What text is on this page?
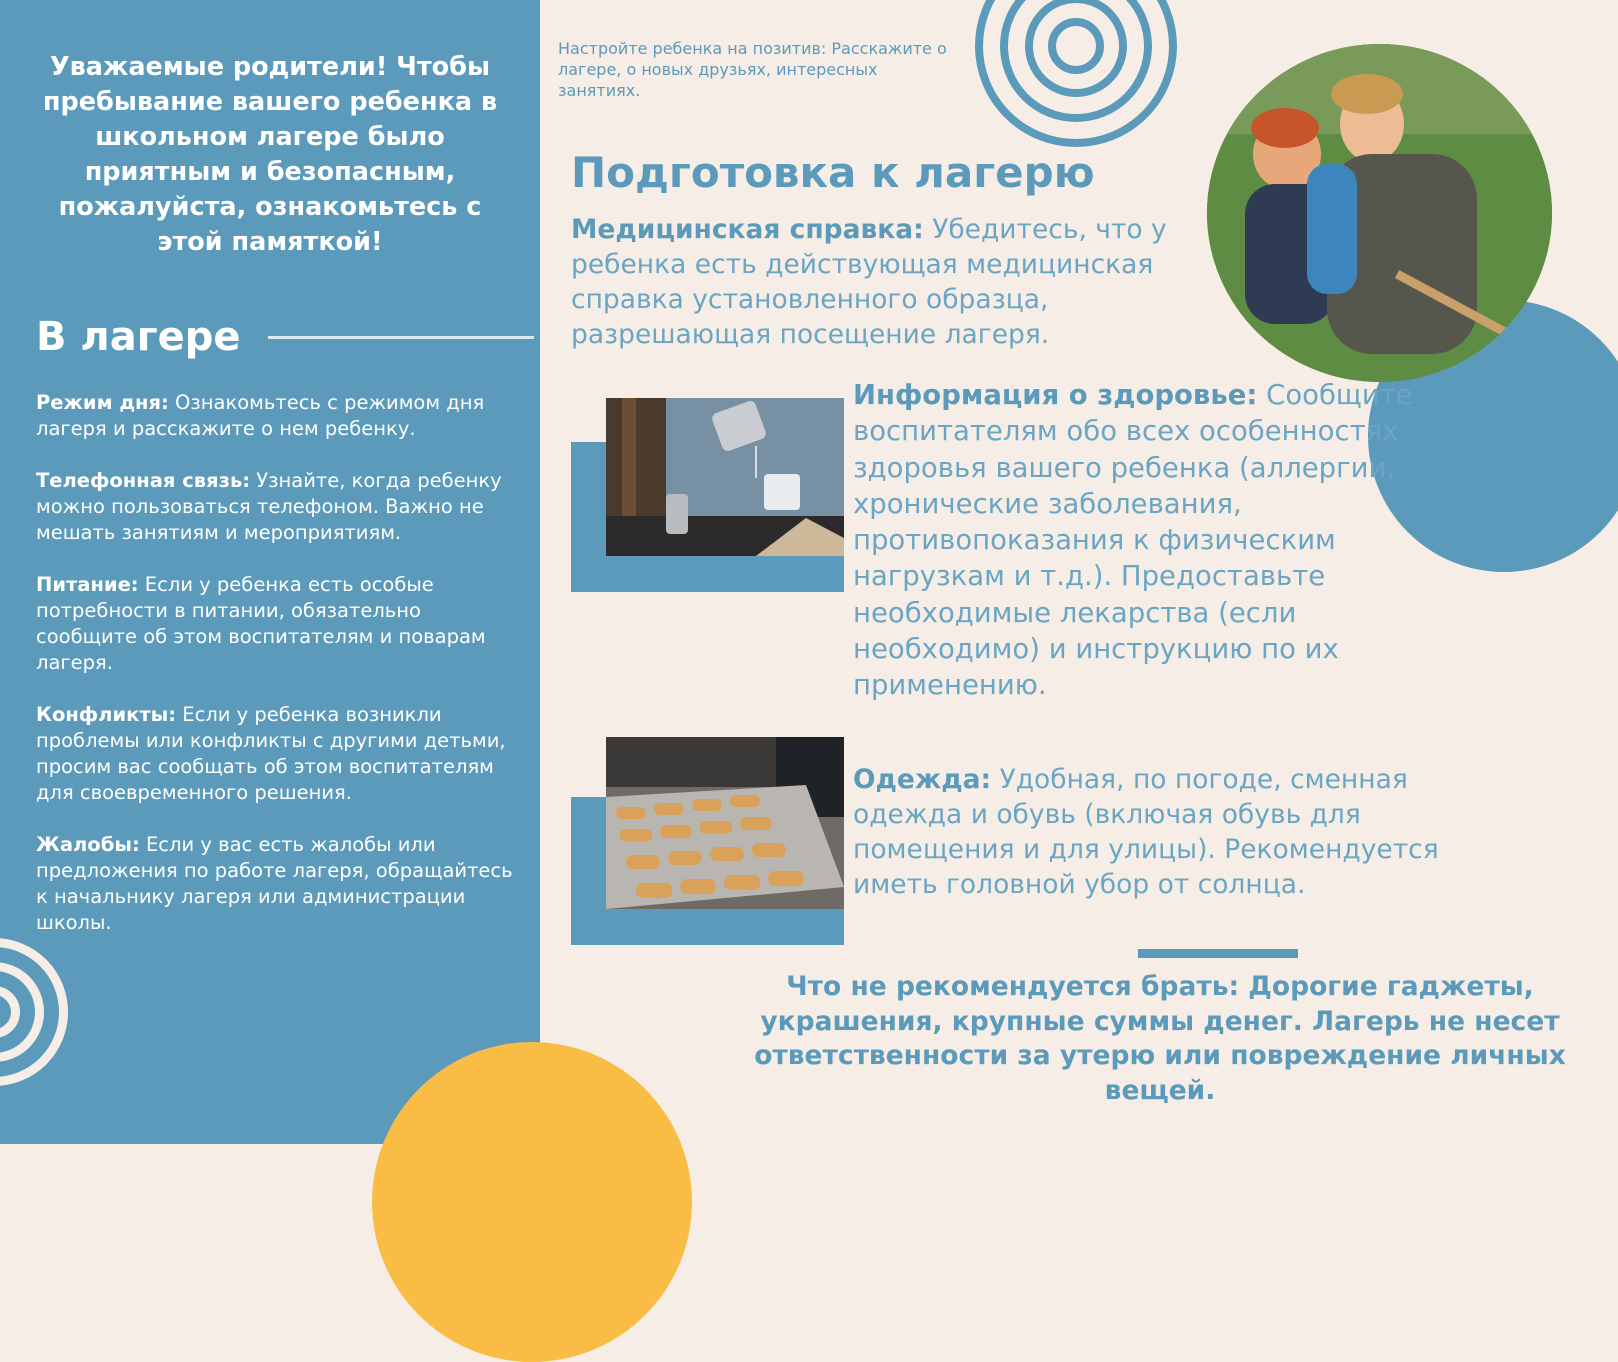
Уважаемые родители! Чтобы пребывание вашего ребенка в школьном лагере было приятным и безопасным, пожалуйста, ознакомьтесь с этой памяткой!

В лагере

Режим дня: Ознакомьтесь с режимом дня лагеря и расскажите о нем ребенку.

Телефонная связь: Узнайте, когда ребенку можно пользоваться телефоном. Важно не мешать занятиям и мероприятиям.

Питание: Если у ребенка есть особые потребности в питании, обязательно сообщите об этом воспитателям и поварам лагеря.

Конфликты: Если у ребенка возникли проблемы или конфликты с другими детьми, просим вас сообщать об этом воспитателям для своевременного решения.

Жалобы: Если у вас есть жалобы или предложения по работе лагеря, обращайтесь к начальнику лагеря или администрации школы.

Настройте ребенка на позитив: Расскажите о лагере, о новых друзьях, интересных занятиях.

Подготовка к лагерю

Медицинская справка: Убедитесь, что у ребенка есть действующая медицинская справка установленного образца, разрешающая посещение лагеря.

Информация о здоровье: Сообщите воспитателям обо всех особенностях здоровья вашего ребенка (аллергии, хронические заболевания, противопоказания к физическим нагрузкам и т.д.). Предоставьте необходимые лекарства (если необходимо) и инструкцию по их применению.

Одежда: Удобная, по погоде, сменная одежда и обувь (включая обувь для помещения и для улицы). Рекомендуется иметь головной убор от солнца.

Что не рекомендуется брать: Дорогие гаджеты, украшения, крупные суммы денег. Лагерь не несет ответственности за утерю или повреждение личных вещей.
